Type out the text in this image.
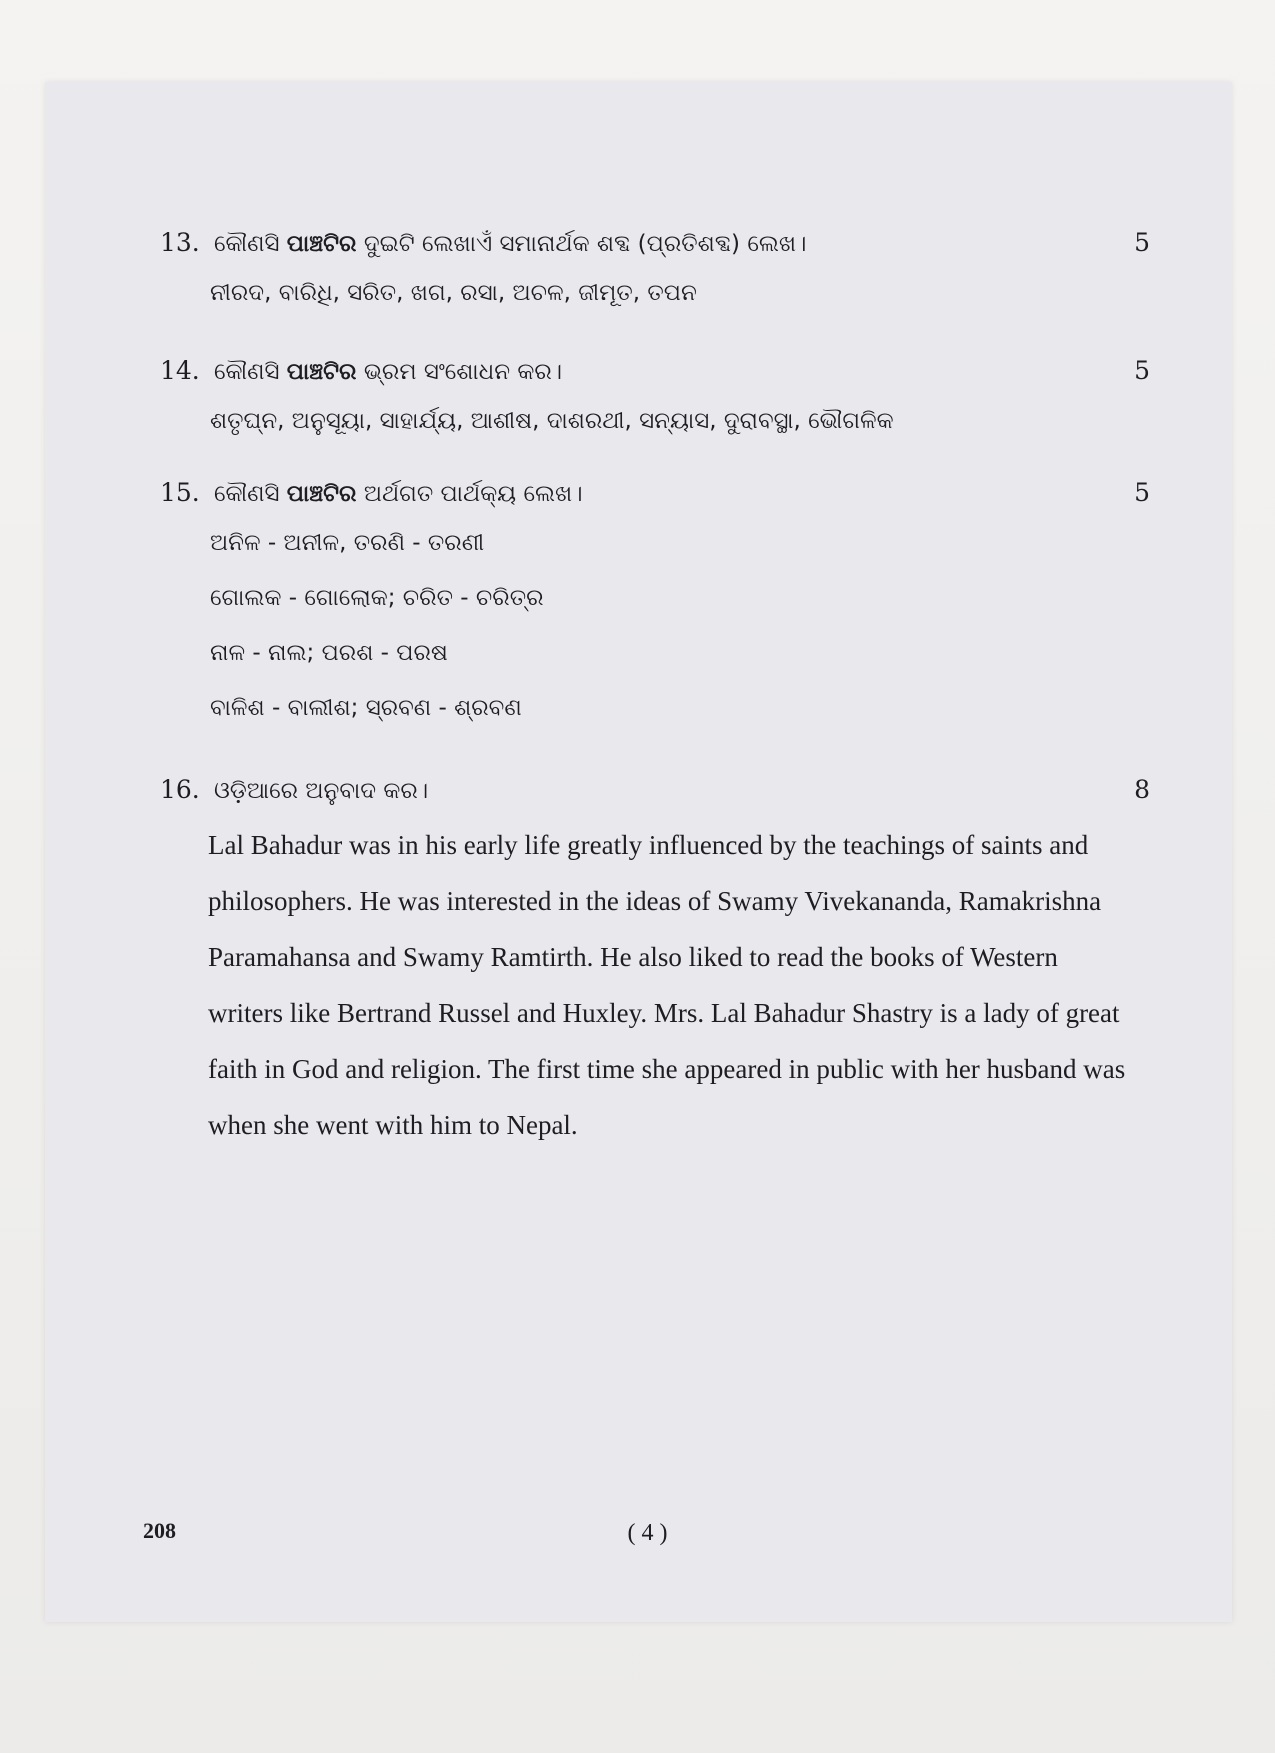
13. କୌଣସି ପାଞ୍ଚଟିର ଦୁଇଟି ଲେଖାଏଁ ସମାନାର୍ଥକ ଶବ୍ଦ (ପ୍ରତିଶବ୍ଦ) ଲେଖ।	5
ନୀରଦ, ବାରିଧି, ସରିତ, ଖଗ, ରସା, ଅଚଳ, ଜୀମୂତ, ତପନ
14. କୌଣସି ପାଞ୍ଚଟିର ଭ୍ରମ ସଂଶୋଧନ କର।	5
ଶତୃଘ୍ନ, ଅନୁସୂୟା, ସାହାର୍ଯ୍ୟ, ଆଶୀଷ, ଦାଶରଥୀ, ସନ୍ୟାସ, ଦୁରାବସ୍ଥା, ଭୌଗଳିକ
15. କୌଣସି ପାଞ୍ଚଟିର ଅର୍ଥଗତ ପାର୍ଥକ୍ୟ ଲେଖ।	5
ଅନିଳ - ଅନୀଳ, ତରଣି - ତରଣୀ
ଗୋଲକ - ଗୋଲୋକ; ଚରିତ - ଚରିତ୍ର
ନାଳ - ନାଲ; ପରଶ - ପରଷ
ବାଳିଶ - ବାଲୀଶ; ସ୍ରବଣ - ଶ୍ରବଣ
16. ଓଡ଼ିଆରେ ଅନୁବାଦ କର।	8
Lal Bahadur was in his early life greatly influenced by the teachings of saints and philosophers. He was interested in the ideas of Swamy Vivekananda, Ramakrishna Paramahansa and Swamy Ramtirth. He also liked to read the books of Western writers like Bertrand Russel and Huxley. Mrs. Lal Bahadur Shastry is a lady of great faith in God and religion. The first time she appeared in public with her husband was when she went with him to Nepal.
208	( 4 )
